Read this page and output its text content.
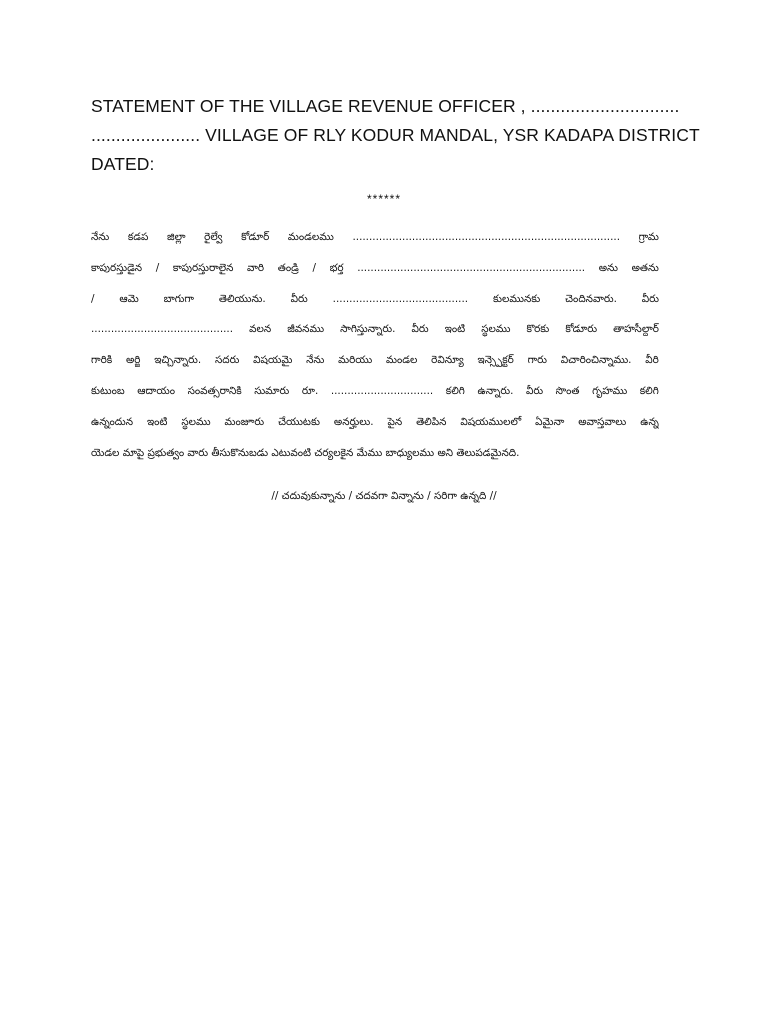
STATEMENT OF THE VILLAGE REVENUE OFFICER , ..............................
...................... VILLAGE OF RLY KODUR MANDAL, YSR KADAPA DISTRICT
DATED:
******
నేను కడప జిల్లా రైల్వే కోడూర్ మండలము ................................................................................. గ్రామ
కాపురస్తుడైన / కాపురస్తురాలైన వారి తండ్రి / భర్త ..................................................................... అను అతను
/ ఆమె బాగుగా తెలియును. వీరు ......................................... కులమునకు చెందినవారు. వీరు
........................................... వలన జీవనము సాగిస్తున్నారు. వీరు ఇంటి స్థలము కొరకు కోడూరు తాహసీల్దార్
గారికి అర్జి ఇచ్చిన్నారు. సదరు విషయమై నేను మరియు మండల రెవిన్యూ ఇన్స్పెక్టర్ గారు విచారించిన్నాము. వీరి
కుటుంబ ఆదాయం సంవత్సరానికి సుమారు రూ. ............................... కలిగి ఉన్నారు. వీరు సొంత గృహము కలిగి
ఉన్నందున ఇంటి స్థలము మంజూరు చేయుటకు అనర్హులు. పైన తెలిపిన విషయములలో ఏమైనా అవాస్తవాలు ఉన్న
యెడల మాపై ప్రభుత్వం వారు తీసుకొనుబడు ఎటువంటి చర్యలకైన మేము బాధ్యులము అని తెలుపడమైనది.
// చదువుకున్నాను / చదవగా విన్నాను / సరిగా ఉన్నది //
